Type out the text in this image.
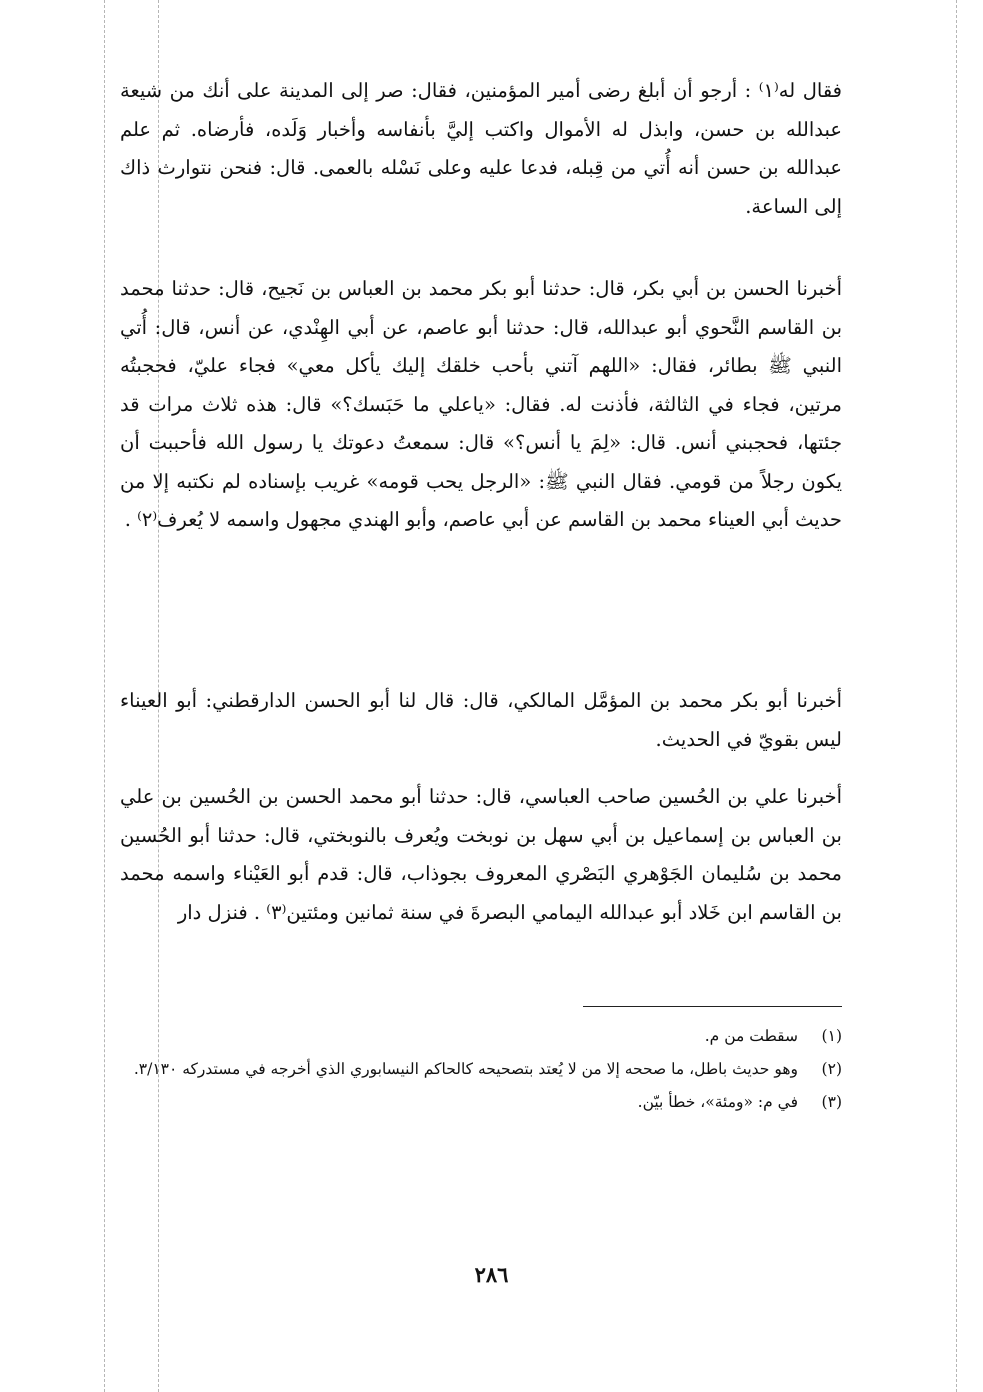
فقال له⁽١⁾ : أرجو أن أبلغ رضى أمير المؤمنين، فقال: صر إلى المدينة على أنك من شيعة عبدالله بن حسن، وابذل له الأموال واكتب إليَّ بأنفاسه وأخبار وَلَده، فأرضاه. ثم علم عبدالله بن حسن أنه أُتي من قِبله، فدعا عليه وعلى نَسْله بالعمى. قال: فنحن نتوارث ذاك إلى الساعة.

أخبرنا الحسن بن أبي بكر، قال: حدثنا أبو بكر محمد بن العباس بن نَجيح، قال: حدثنا محمد بن القاسم النَّحوي أبو عبدالله، قال: حدثنا أبو عاصم، عن أبي الهِنْدي، عن أنس، قال: أُتي النبي ﷺ بطائر، فقال: «اللهم آتني بأحب خلقك إليك يأكل معي» فجاء عليّ، فحجبتُه مرتين، فجاء في الثالثة، فأذنت له. فقال: «ياعلي ما حَبَسك؟» قال: هذه ثلاث مرات قد جئتها، فحجبني أنس. قال: «لِمَ يا أنس؟» قال: سمعتُ دعوتك يا رسول الله فأحببت أن يكون رجلاً من قومي. فقال النبي ﷺ: «الرجل يحب قومه» غريب بإسناده لم نكتبه إلا من حديث أبي العيناء محمد بن القاسم عن أبي عاصم، وأبو الهندي مجهول واسمه لا يُعرف⁽٢⁾ .

أخبرنا أبو بكر محمد بن المؤمَّل المالكي، قال: قال لنا أبو الحسن الدارقطني: أبو العيناء ليس بقويّ في الحديث.

أخبرنا علي بن الحُسين صاحب العباسي، قال: حدثنا أبو محمد الحسن بن الحُسين بن علي بن العباس بن إسماعيل بن أبي سهل بن نوبخت ويُعرف بالنوبختي، قال: حدثنا أبو الحُسين محمد بن سُليمان الجَوْهري البَصْري المعروف بجوذاب، قال: قدم أبو العَيْناء واسمه محمد بن القاسم ابن خَلاد أبو عبدالله اليمامي البصرةَ في سنة ثمانين ومئتين⁽٣⁾ . فنزل دار

(١)
سقطت من م.
(٢)
وهو حديث باطل، ما صححه إلا من لا يُعتد بتصحيحه كالحاكم النيسابوري الذي أخرجه في مستدركه ٣/١٣٠.
(٣)
في م: «ومئة»، خطأ بيّن.
٢٨٦
